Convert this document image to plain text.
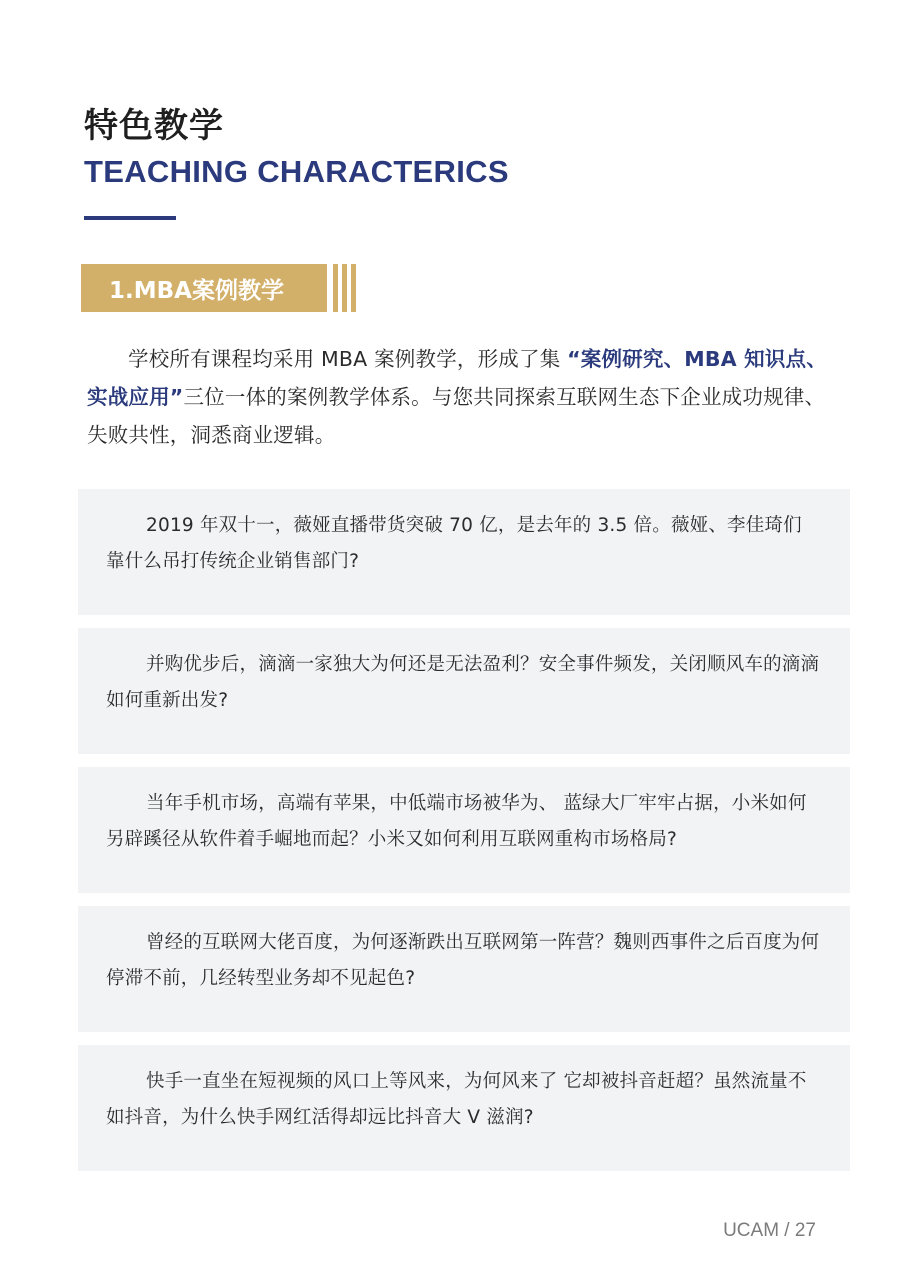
特色教学
TEACHING CHARACTERICS
1.MBA案例教学

学校所有课程均采用 MBA 案例教学，形成了集 “案例研究、MBA 知识点、实战应用”三位一体的案例教学体系。与您共同探索互联网生态下企业成功规律、失败共性，洞悉商业逻辑。

2019 年双十一，薇娅直播带货突破 70 亿，是去年的 3.5 倍。薇娅、李佳琦们靠什么吊打传统企业销售部门?

并购优步后，滴滴一家独大为何还是无法盈利？安全事件频发，关闭顺风车的滴滴如何重新出发?

当年手机市场，高端有苹果，中低端市场被华为、 蓝绿大厂牢牢占据，小米如何另辟蹊径从软件着手崛地而起？小米又如何利用互联网重构市场格局?

曾经的互联网大佬百度，为何逐渐跌出互联网第一阵营？魏则西事件之后百度为何停滞不前，几经转型业务却不见起色?

快手一直坐在短视频的风口上等风来，为何风来了 它却被抖音赶超？虽然流量不如抖音，为什么快手网红活得却远比抖音大 V 滋润?

UCAM / 27
